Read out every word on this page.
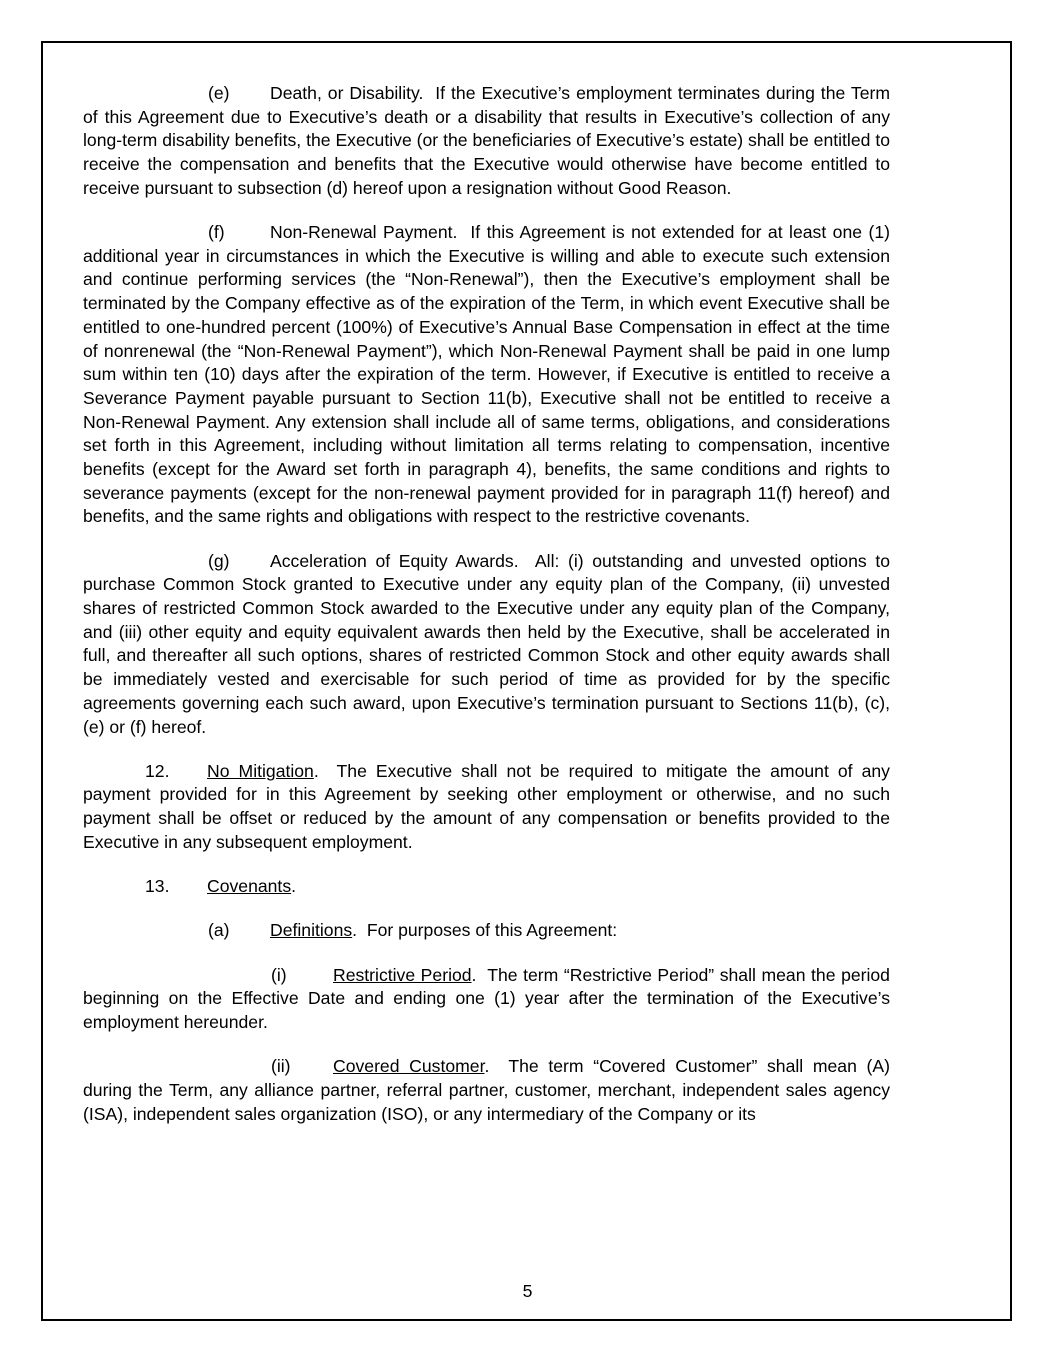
(e) Death, or Disability. If the Executive’s employment terminates during the Term of this Agreement due to Executive’s death or a disability that results in Executive’s collection of any long-term disability benefits, the Executive (or the beneficiaries of Executive’s estate) shall be entitled to receive the compensation and benefits that the Executive would otherwise have become entitled to receive pursuant to subsection (d) hereof upon a resignation without Good Reason.

(f)	Non-Renewal Payment. If this Agreement is not extended for at least one (1) additional year in circumstances in which the Executive is willing and able to execute such extension and continue performing services (the “Non-Renewal”), then the Executive’s employment shall be terminated by the Company effective as of the expiration of the Term, in which event Executive shall be entitled to one-hundred percent (100%) of Executive’s Annual Base Compensation in effect at the time of nonrenewal (the “Non-Renewal Payment”), which Non-Renewal Payment shall be paid in one lump sum within ten (10) days after the expiration of the term. However, if Executive is entitled to receive a Severance Payment payable pursuant to Section 11(b), Executive shall not be entitled to receive a Non-Renewal Payment. Any extension shall include all of same terms, obligations, and considerations set forth in this Agreement, including without limitation all terms relating to compensation, incentive benefits (except for the Award set forth in paragraph 4), benefits, the same conditions and rights to severance payments (except for the non-renewal payment provided for in paragraph 11(f) hereof) and benefits, and the same rights and obligations with respect to the restrictive covenants.

(g) Acceleration of Equity Awards. All: (i) outstanding and unvested options to purchase Common Stock granted to Executive under any equity plan of the Company, (ii) unvested shares of restricted Common Stock awarded to the Executive under any equity plan of the Company, and (iii) other equity and equity equivalent awards then held by the Executive, shall be accelerated in full, and thereafter all such options, shares of restricted Common Stock and other equity awards shall be immediately vested and exercisable for such period of time as provided for by the specific agreements governing each such award, upon Executive’s termination pursuant to Sections 11(b), (c), (e) or (f) hereof.

12. No Mitigation.  The Executive shall not be required to mitigate the amount of any payment provided for in this Agreement by seeking other employment or otherwise, and no such payment shall be offset or reduced by the amount of any compensation or benefits provided to the Executive in any subsequent employment.

13. Covenants.

(a) Definitions.  For purposes of this Agreement:

(i)	Restrictive Period.  The term “Restrictive Period” shall mean the period beginning on the Effective Date and ending one (1) year after the termination of the Executive’s employment hereunder.

(ii) Covered Customer.  The term “Covered Customer” shall mean (A) during the Term, any alliance partner, referral partner, customer, merchant, independent sales agency (ISA), independent sales organization (ISO), or any intermediary of the Company or its

5
